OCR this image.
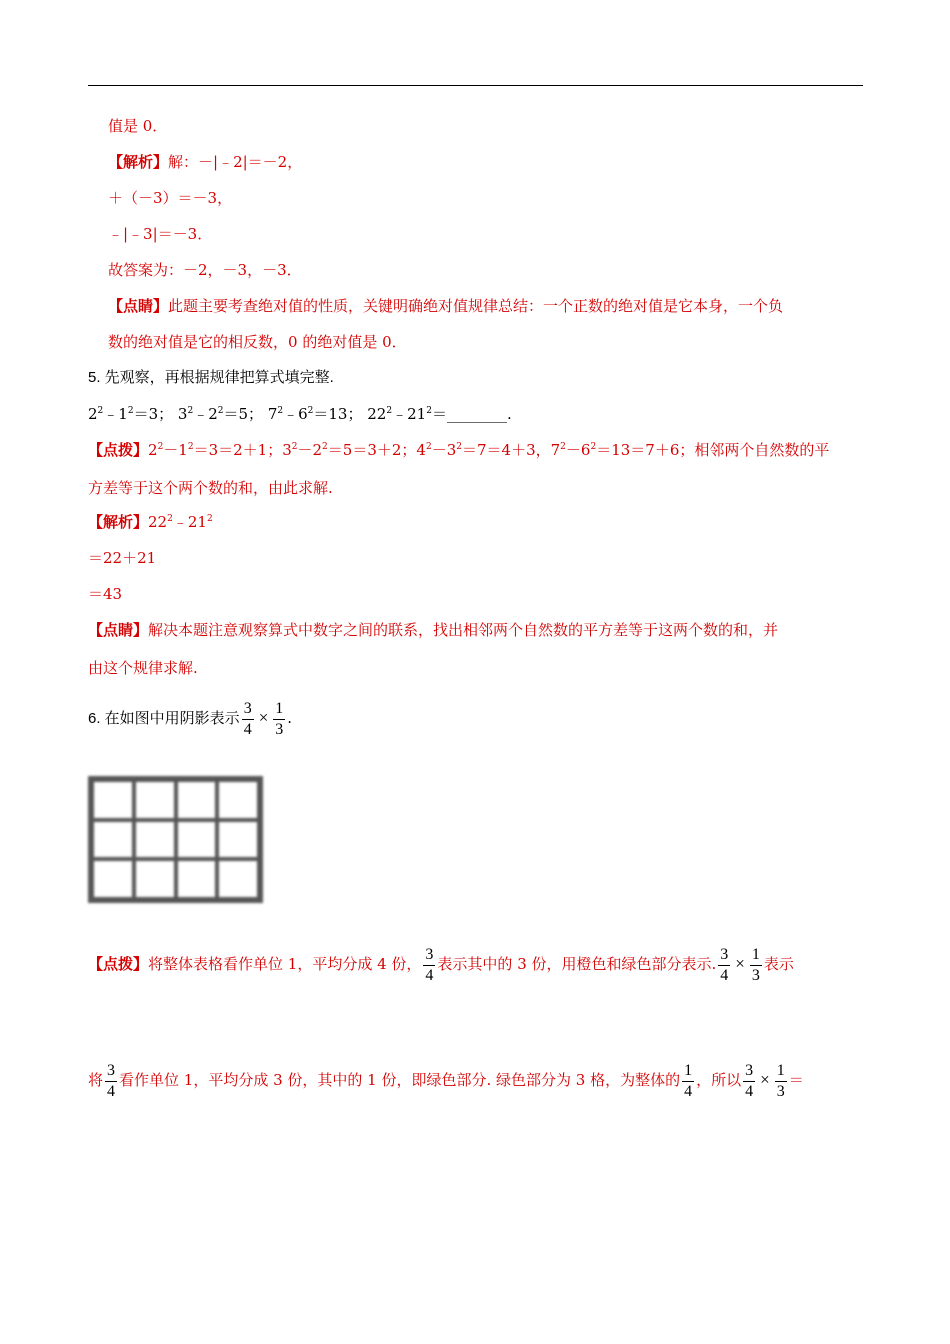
值是 0．
【解析】解：－|﹣2|＝－2，
＋（－3）＝－3，
﹣|﹣3|＝－3．
故答案为：－2，－3，－3．
【点睛】此题主要考查绝对值的性质，关键明确绝对值规律总结：一个正数的绝对值是它本身，一个负
数的绝对值是它的相反数，0 的绝对值是 0．
5. 先观察，再根据规律把算式填完整.
$2^2﹣1^2=3$； $3^2﹣2^2=5$； $7^2﹣6^2=13$； $22^2﹣21^2=\_\_\_\_\_\_\_\_$.
【点拨】$2^2-1^2=3=2+1$；$3^2-2^2=5=3+2$；$4^2-3^2=7=4+3$，$7^2-6^2=13=7+6$；相邻两个自然数的平
方差等于这个两个数的和，由此求解.
【解析】$22^2﹣21^2$
＝22＋21
＝43
【点睛】解决本题注意观察算式中数字之间的联系，找出相邻两个自然数的平方差等于这两个数的和，并
由这个规律求解.
6. 在如图中用阴影表示 $\frac{3}{4} \times \frac{1}{3}$ .
【点拨】将整体表格看作单位 1，平均分成 4 份， $\frac{3}{4}$ 表示其中的 3 份，用橙色和绿色部分表示. $\frac{3}{4} \times \frac{1}{3}$ 表示
将 $\frac{3}{4}$ 看作单位 1，平均分成 3 份，其中的 1 份，即绿色部分. 绿色部分为 3 格，为整体的 $\frac{1}{4}$ ，所以 $\frac{3}{4} \times \frac{1}{3}$ ＝
